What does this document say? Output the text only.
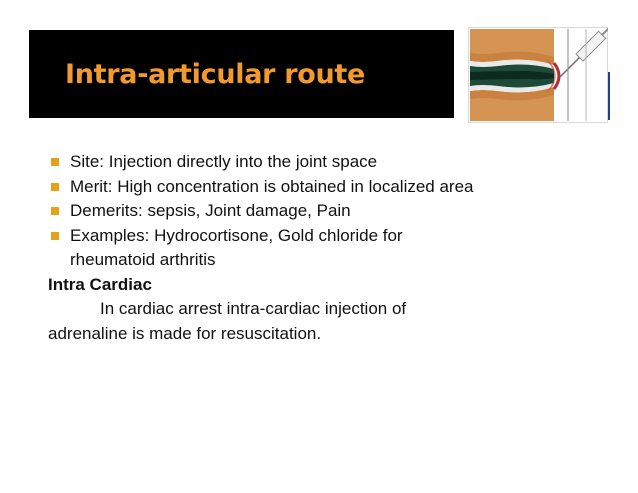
Intra-articular route
Site: Injection directly into the joint space
Merit: High concentration is obtained in localized area
Demerits: sepsis, Joint damage, Pain
Examples: Hydrocortisone, Gold chloride for rheumatoid arthritis

Intra Cardiac

In cardiac arrest intra-cardiac injection of adrenaline is made for resuscitation.
